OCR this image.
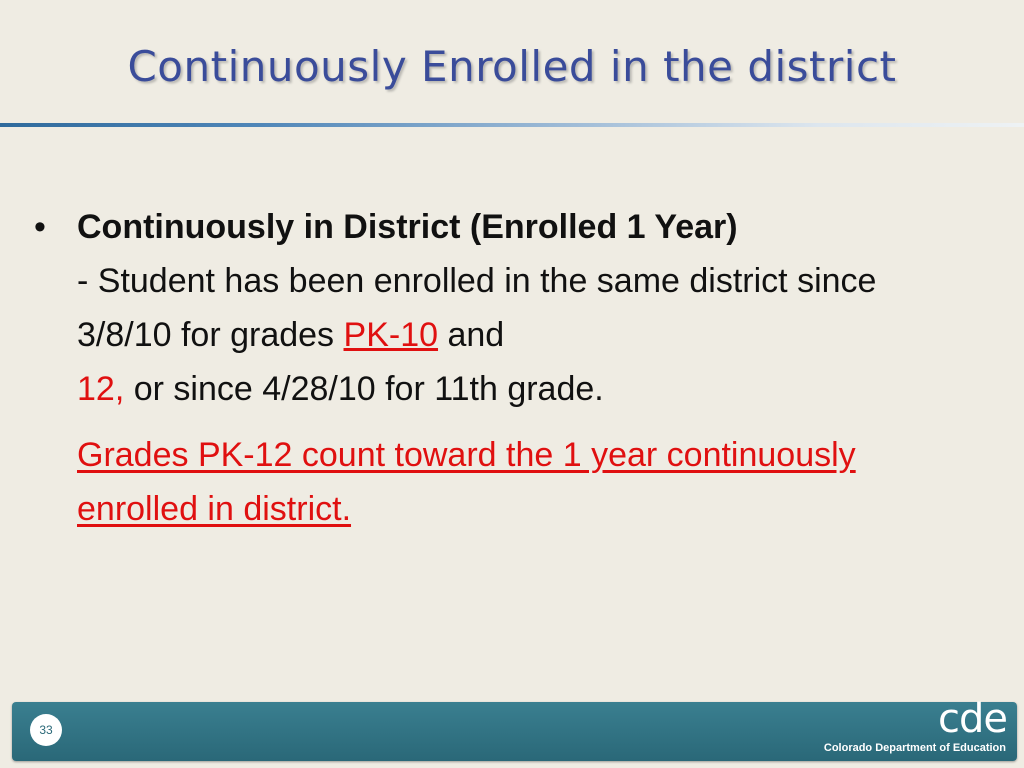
Continuously Enrolled in the district
• Continuously in District (Enrolled 1 Year)
- Student has been enrolled in the same district since 3/8/10 for grades PK-10 and
12, or since 4/28/10 for 11th grade.
Grades PK-12 count toward the 1 year continuously enrolled in district.
33	cde
Colorado Department of Education
